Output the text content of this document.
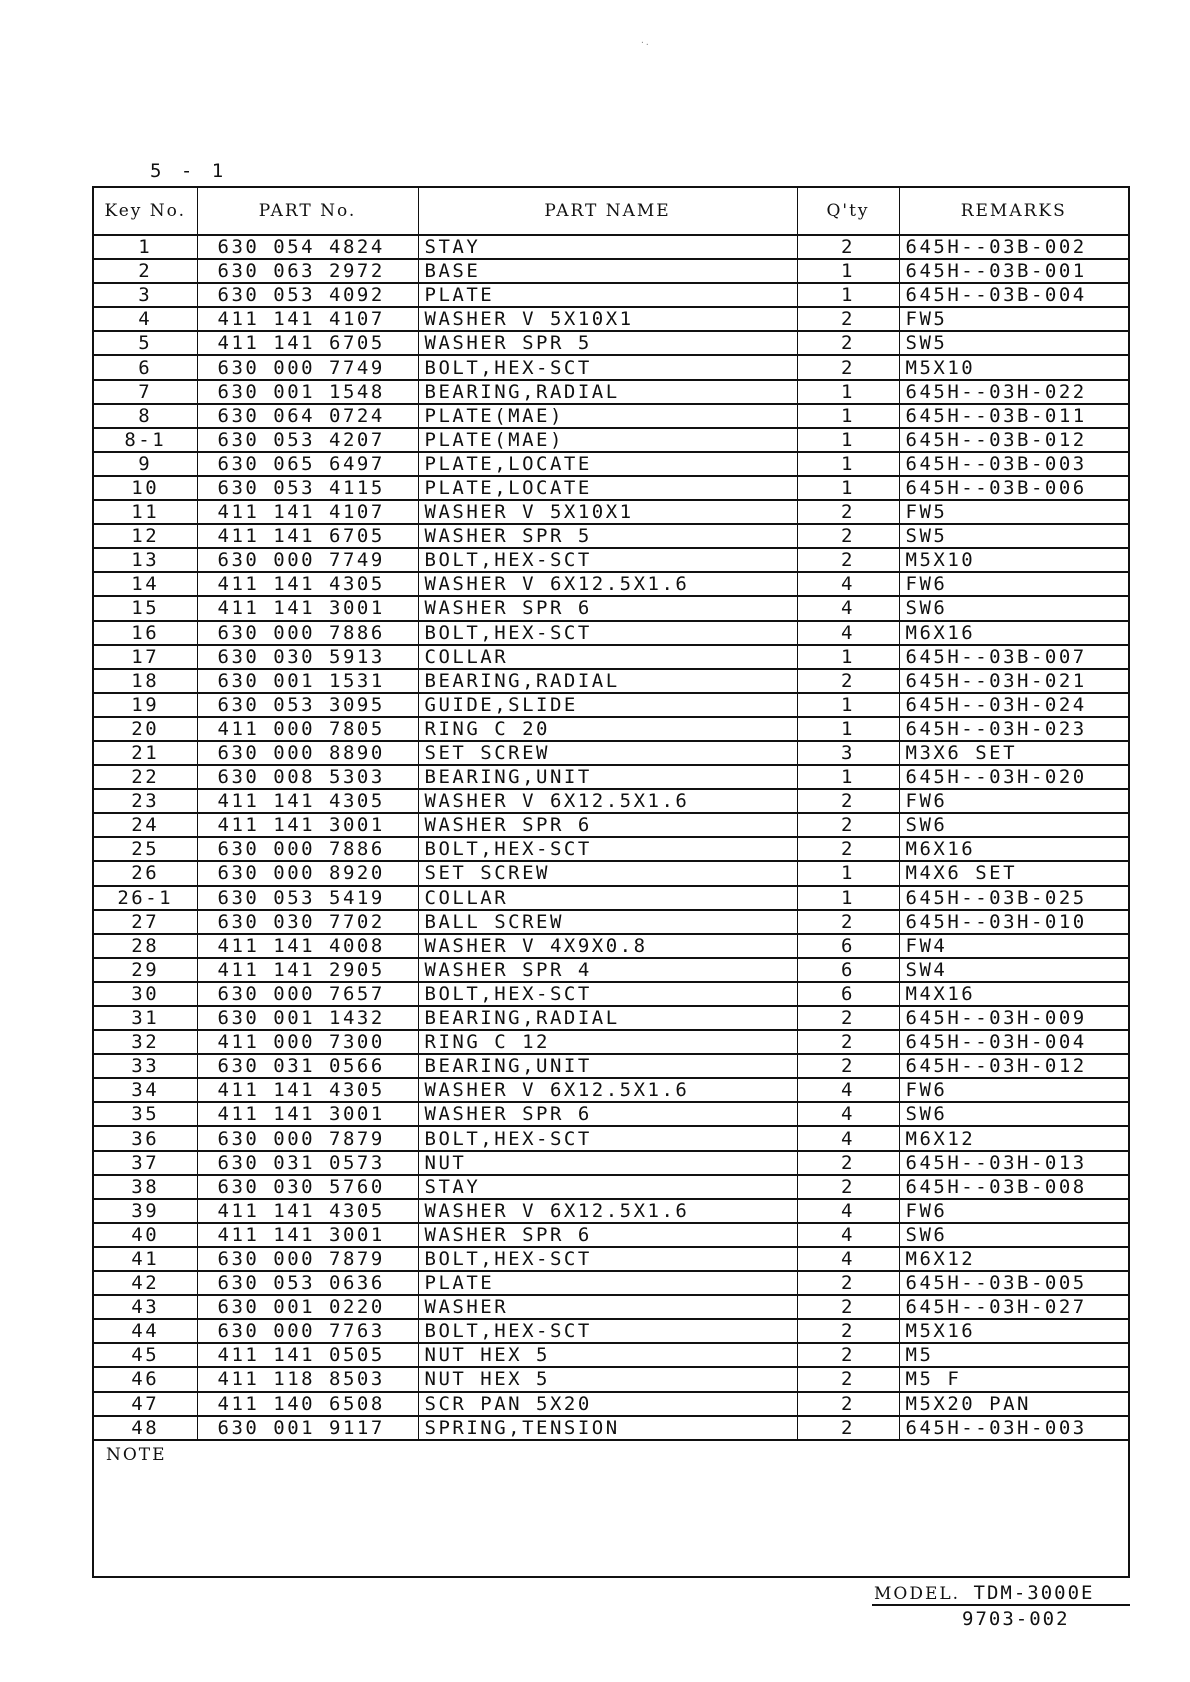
·.
5 - 1
Key No.	PART No.	PART NAME	Q'ty	REMARKS
1	630 054 4824	STAY	2	645H--03B-002
2	630 063 2972	BASE	1	645H--03B-001
3	630 053 4092	PLATE	1	645H--03B-004
4	411 141 4107	WASHER V 5X10X1	2	FW5
5	411 141 6705	WASHER SPR 5	2	SW5
6	630 000 7749	BOLT,HEX-SCT	2	M5X10
7	630 001 1548	BEARING,RADIAL	1	645H--03H-022
8	630 064 0724	PLATE(MAE)	1	645H--03B-011
8-1	630 053 4207	PLATE(MAE)	1	645H--03B-012
9	630 065 6497	PLATE,LOCATE	1	645H--03B-003
10	630 053 4115	PLATE,LOCATE	1	645H--03B-006
11	411 141 4107	WASHER V 5X10X1	2	FW5
12	411 141 6705	WASHER SPR 5	2	SW5
13	630 000 7749	BOLT,HEX-SCT	2	M5X10
14	411 141 4305	WASHER V 6X12.5X1.6	4	FW6
15	411 141 3001	WASHER SPR 6	4	SW6
16	630 000 7886	BOLT,HEX-SCT	4	M6X16
17	630 030 5913	COLLAR	1	645H--03B-007
18	630 001 1531	BEARING,RADIAL	2	645H--03H-021
19	630 053 3095	GUIDE,SLIDE	1	645H--03H-024
20	411 000 7805	RING C 20	1	645H--03H-023
21	630 000 8890	SET SCREW	3	M3X6 SET
22	630 008 5303	BEARING,UNIT	1	645H--03H-020
23	411 141 4305	WASHER V 6X12.5X1.6	2	FW6
24	411 141 3001	WASHER SPR 6	2	SW6
25	630 000 7886	BOLT,HEX-SCT	2	M6X16
26	630 000 8920	SET SCREW	1	M4X6 SET
26-1	630 053 5419	COLLAR	1	645H--03B-025
27	630 030 7702	BALL SCREW	2	645H--03H-010
28	411 141 4008	WASHER V 4X9X0.8	6	FW4
29	411 141 2905	WASHER SPR 4	6	SW4
30	630 000 7657	BOLT,HEX-SCT	6	M4X16
31	630 001 1432	BEARING,RADIAL	2	645H--03H-009
32	411 000 7300	RING C 12	2	645H--03H-004
33	630 031 0566	BEARING,UNIT	2	645H--03H-012
34	411 141 4305	WASHER V 6X12.5X1.6	4	FW6
35	411 141 3001	WASHER SPR 6	4	SW6
36	630 000 7879	BOLT,HEX-SCT	4	M6X12
37	630 031 0573	NUT	2	645H--03H-013
38	630 030 5760	STAY	2	645H--03B-008
39	411 141 4305	WASHER V 6X12.5X1.6	4	FW6
40	411 141 3001	WASHER SPR 6	4	SW6
41	630 000 7879	BOLT,HEX-SCT	4	M6X12
42	630 053 0636	PLATE	2	645H--03B-005
43	630 001 0220	WASHER	2	645H--03H-027
44	630 000 7763	BOLT,HEX-SCT	2	M5X16
45	411 141 0505	NUT HEX 5	2	M5
46	411 118 8503	NUT HEX 5	2	M5 F
47	411 140 6508	SCR PAN 5X20	2	M5X20 PAN
48	630 001 9117	SPRING,TENSION	2	645H--03H-003
NOTE
MODEL. TDM-3000E
9703-002
